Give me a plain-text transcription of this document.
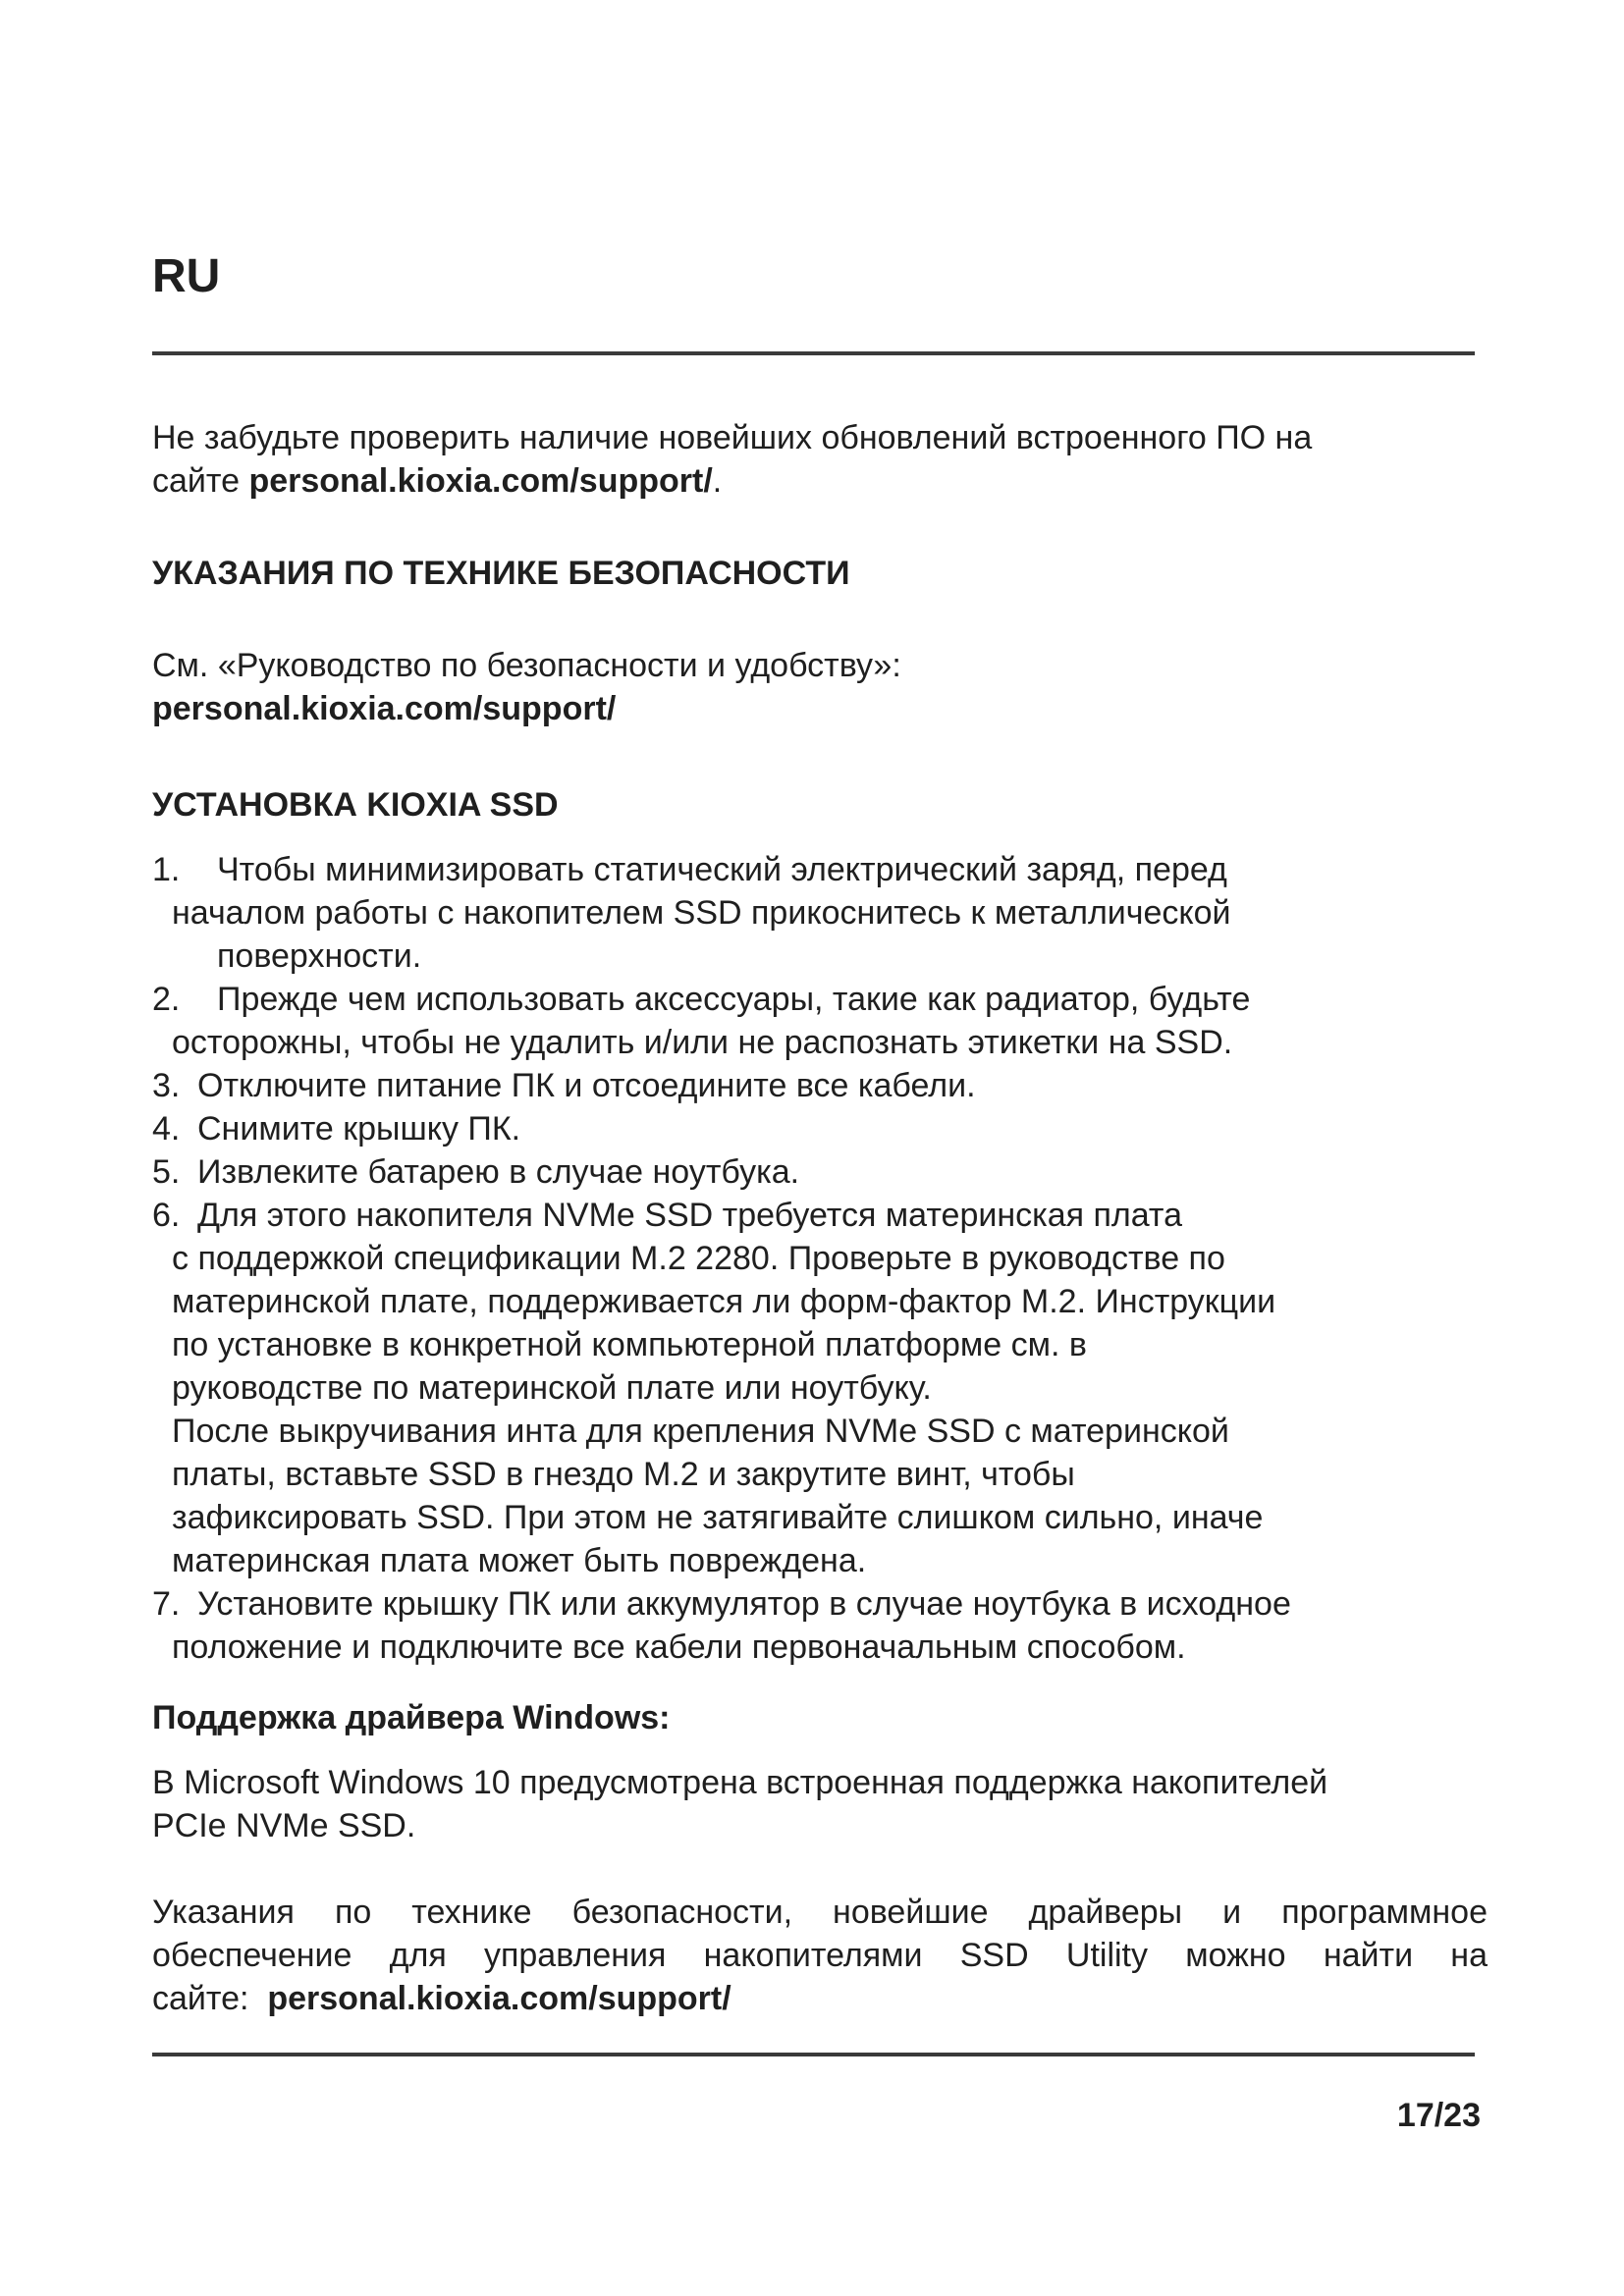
RU

Не забудьте проверить наличие новейших обновлений встроенного ПО на
сайте personal.kioxia.com/support/.

УКАЗАНИЯ ПО ТЕХНИКЕ БЕЗОПАСНОСТИ

См. «Руководство по безопасности и удобству»:
personal.kioxia.com/support/

УСТАНОВКА KIOXIA SSD
1. Чтобы минимизировать статический электрический заряд, перед
началом работы с накопителем SSD прикоснитесь к металлической
поверхности.
2. Прежде чем использовать аксессуары, такие как радиатор, будьте
осторожны, чтобы не удалить и/или не распознать этикетки на SSD.
3. Отключите питание ПК и отсоедините все кабели.
4. Снимите крышку ПК.
5. Извлеките батарею в случае ноутбука.
6. Для этого накопителя NVMe SSD требуется материнская плата
с поддержкой спецификации M.2 2280. Проверьте в руководстве по
материнской плате, поддерживается ли форм-фактор M.2. Инструкции
по установке в конкретной компьютерной платформе см. в
руководстве по материнской плате или ноутбуку.
После выкручивания инта для крепления NVMe SSD с материнской
платы, вставьте SSD в гнездо M.2 и закрутите винт, чтобы
зафиксировать SSD. При этом не затягивайте слишком сильно, иначе
материнская плата может быть повреждена.
7. Установите крышку ПК или аккумулятор в случае ноутбука в исходное
положение и подключите все кабели первоначальным способом.
Поддержка драйвера Windows:

В Microsoft Windows 10 предусмотрена встроенная поддержка накопителей
PCIe NVMe SSD.

Указания по технике безопасности, новейшие драйверы и программное
обеспечение для управления накопителями SSD Utility можно найти на
сайте:  personal.kioxia.com/support/

17/23
